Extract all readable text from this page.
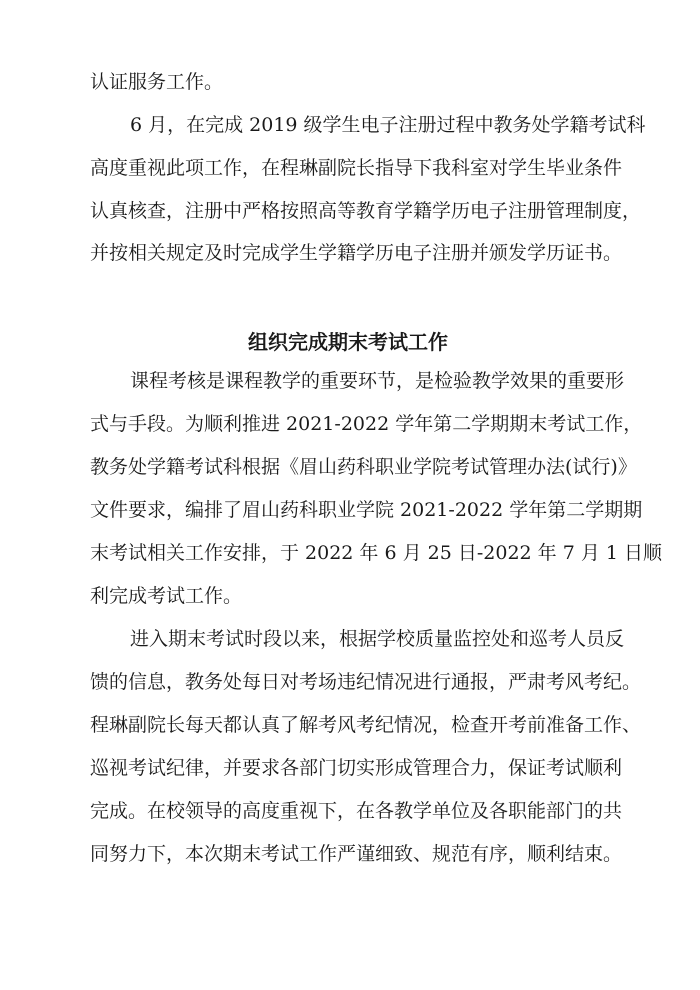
认证服务工作。

6 月，在完成 2019 级学生电子注册过程中教务处学籍考试科

高度重视此项工作，在程琳副院长指导下我科室对学生毕业条件

认真核查，注册中严格按照高等教育学籍学历电子注册管理制度，

并按相关规定及时完成学生学籍学历电子注册并颁发学历证书。

组织完成期末考试工作

课程考核是课程教学的重要环节，是检验教学效果的重要形

式与手段。为顺利推进 2021-2022 学年第二学期期末考试工作，

教务处学籍考试科根据《眉山药科职业学院考试管理办法(试行)》

文件要求，编排了眉山药科职业学院 2021-2022 学年第二学期期

末考试相关工作安排，于 2022 年 6 月 25 日-2022 年 7 月 1 日顺

利完成考试工作。

进入期末考试时段以来，根据学校质量监控处和巡考人员反

馈的信息，教务处每日对考场违纪情况进行通报，严肃考风考纪。

程琳副院长每天都认真了解考风考纪情况，检查开考前准备工作、

巡视考试纪律，并要求各部门切实形成管理合力，保证考试顺利

完成。在校领导的高度重视下，在各教学单位及各职能部门的共

同努力下，本次期末考试工作严谨细致、规范有序，顺利结束。
